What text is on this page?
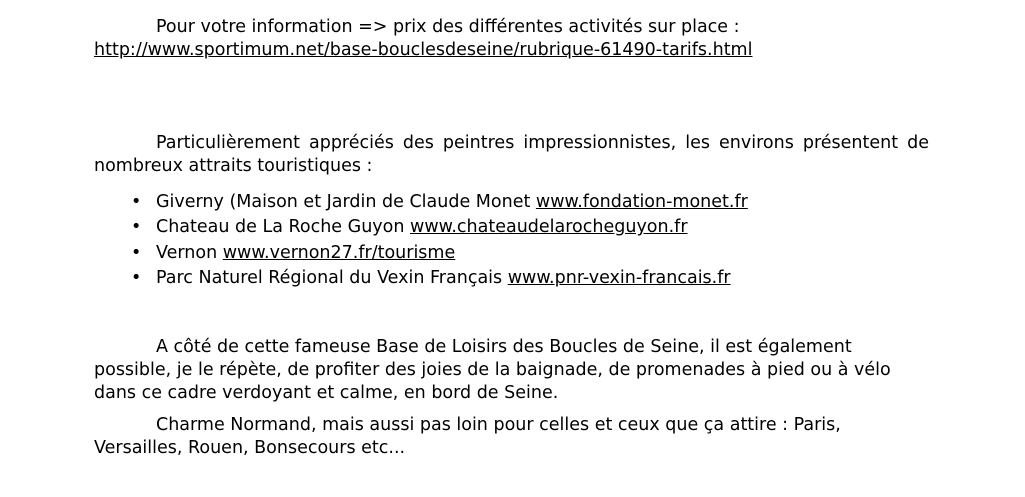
Pour votre information => prix des différentes activités sur place :

http://www.sportimum.net/base-bouclesdeseine/rubrique-61490-tarifs.html

Particulièrement appréciés des peintres impressionnistes, les environs présentent de nombreux attraits touristiques :

• Giverny (Maison et Jardin de Claude Monet www.fondation-monet.fr
• Chateau de La Roche Guyon www.chateaudelarocheguyon.fr
• Vernon www.vernon27.fr/tourisme
• Parc Naturel Régional du Vexin Français www.pnr-vexin-francais.fr

A côté de cette fameuse Base de Loisirs des Boucles de Seine, il est également possible, je le répète, de profiter des joies de la baignade, de promenades à pied ou à vélo dans ce cadre verdoyant et calme, en bord de Seine.

Charme Normand, mais aussi pas loin pour celles et ceux que ça attire : Paris, Versailles, Rouen, Bonsecours etc...
